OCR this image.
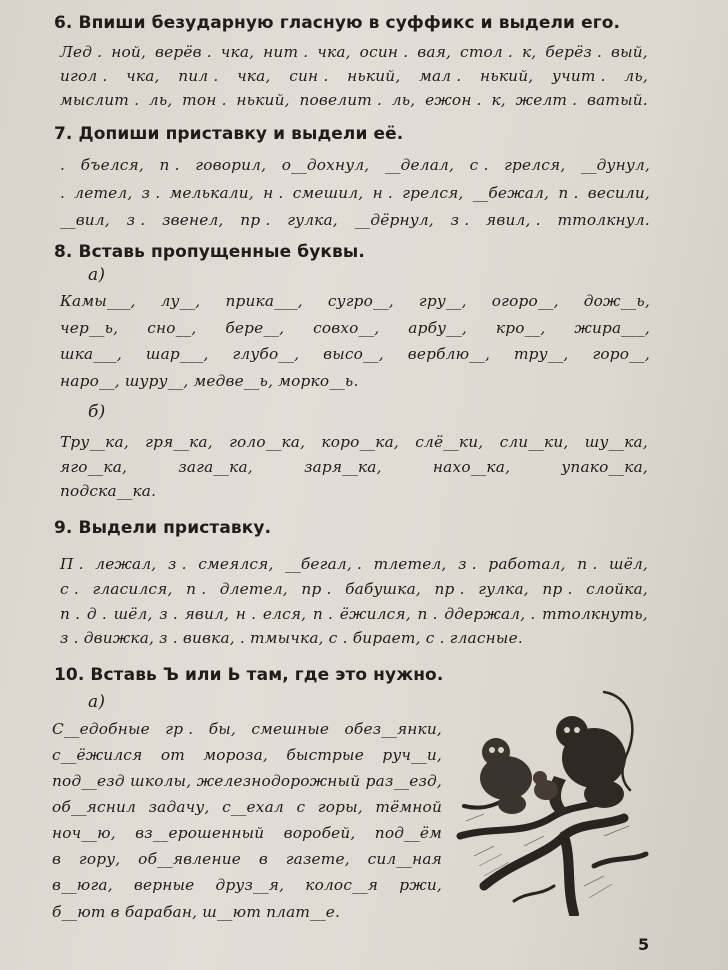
6. Впиши безударную гласную в суффикс и выдели его.
Лед . ной, верёв . чка, нит . чка, осин . вая, стол . к, берёз . вый,
игол . чка, пил . чка, син . нький, мал . нький, учит . ль,
мыслит . ль, тон . нький, повелит . ль, ежон . к, желт . ватый.
7. Допиши приставку и выдели её.
. бъелся, п . говорил, о__дохнул, __делал, с . грелся, __дунул,
. летел, з . мелькали, н . смешил, н . грелся, __бежал, п . весили,
__вил, з . звенел, пр . гулка, __дёрнул, з . явил, . ттолкнул.
8. Вставь пропущенные буквы.
а)
Камы___, лу__, прика___, сугро__, гру__, огоро__, дож__ь,
чер__ь, сно__, бере__, совхо__, арбу__, кро__, жира___,
шка___, шар___, глубо__, высо__, верблю__, тру__, горо__,
наро__, шуру__, медве__ь, морко__ь.
б)
Тру__ка, гря__ка, голо__ка, коро__ка, слё__ки, сли__ки, шу__ка,
яго__ка,	зага__ка,	заря__ка,	нахо__ка,	упако__ка,
подска__ка.
9. Выдели приставку.
П . лежал, з . смеялся, __бегал, . тлетел, з . работал, п . шёл,
с . гласился, п . длетел, пр . бабушка, пр . гулка, пр . слойка,
п . д . шёл, з . явил, н . елся, п . ёжился, п . ддержал, . ттолкнуть,
з . движка, з . вивка, . тмычка, с . бирает, с . гласные.
10. Вставь Ъ или Ь там, где это нужно.
а)
С__едобные гр . бы, смешные обез__янки,
с__ёжился от мороза, быстрые руч__и,
под__езд школы, железнодорожный раз__езд,
об__яснил задачу, с__ехал с горы, тёмной
ноч__ю, вз__ерошенный воробей, под__ём
в гору, об__явление в газете, сил__ная
в__юга, верные друз__я, колос__я ржи,
б__ют в барабан, ш__ют плат__е.
5
